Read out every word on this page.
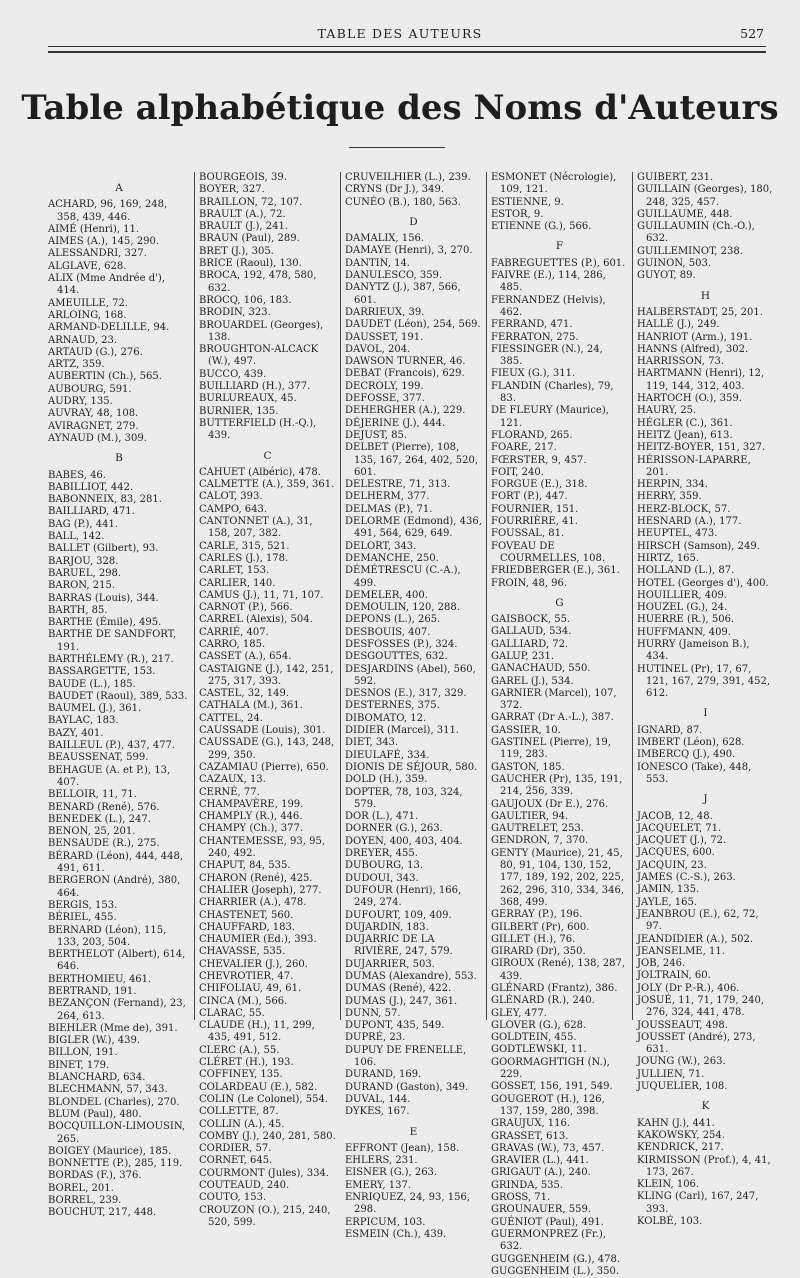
TABLE DES AUTEURS	527
Table alphabétique des Noms d'Auteurs
A
ACHARD, 96, 169, 248, 358, 439, 446.
AIMÉ (Henri), 11.
AIMES (A.), 145, 290.
ALESSANDRI, 327.
ALGLAVE, 628.
ALIX (Mme Andrée d'), 414.
AMEUILLE, 72.
ARLOING, 168.
ARMAND-DELILLE, 94.
ARNAUD, 23.
ARTAUD (G.), 276.
ARTZ, 359.
AUBERTIN (Ch.), 565.
AUBOURG, 591.
AUDRY, 135.
AUVRAY, 48, 108.
AVIRAGNET, 279.
AYNAUD (M.), 309.
B
BABES, 46.
BABILLIOT, 442.
BABONNEIX, 83, 281.
BAILLIARD, 471.
BAG (P.), 441.
BALL, 142.
BALLET (Gilbert), 93.
BARJOU, 328.
BARUEL, 298.
BARON, 215.
BARRAS (Louis), 344.
BARTH, 85.
BARTHE (Émile), 495.
BARTHE DE SANDFORT, 191.
BARTHÉLEMY (R.), 217.
BASSARGETTE, 153.
BAUDE (L.), 185.
BAUDET (Raoul), 389, 533.
BAUMEL (J.), 361.
BAYLAC, 183.
BAZY, 401.
BAILLEUL (P.), 437, 477.
BEAUSSENAT, 599.
BEHAGUE (A. et P.), 13, 407.
BELLOIR, 11, 71.
BENARD (René), 576.
BENEDEK (L.), 247.
BENON, 25, 201.
BENSAUDE (R.), 275.
BÉRARD (Léon), 444, 448, 491, 611.
BERGERON (André), 380, 464.
BERGIS, 153.
BÉRIEL, 455.
BERNARD (Léon), 115, 133, 203, 504.
BERTHELOT (Albert), 614, 646.
BERTHOMIEU, 461.
BERTRAND, 191.
BEZANÇON (Fernand), 23, 264, 613.
BIEHLER (Mme de), 391.
BIGLER (W.), 439.
BILLON, 191.
BINET, 179.
BLANCHARD, 634.
BLECHMANN, 57, 343.
BLONDEL (Charles), 270.
BLUM (Paul), 480.
BOCQUILLON-LIMOUSIN, 265.
BOIGEY (Maurice), 185.
BONNETTE (P.), 285, 119.
BORDAS (F.), 376.
BOREL, 201.
BORREL, 239.
BOUCHUT, 217, 448.
BOURGEOIS, 39.
BOYER, 327.
BRAILLON, 72, 107.
BRAULT (A.), 72.
BRAULT (J.), 241.
BRAUN (Paul), 289.
BRET (J.), 305.
BRICE (Raoul), 130.
BROCA, 192, 478, 580, 632.
BROCQ, 106, 183.
BRODIN, 323.
BROUARDEL (Georges), 138.
BROUGHTON-ALCACK (W.), 497.
BUCCO, 439.
BUILLIARD (H.), 377.
BURLUREAUX, 45.
BURNIER, 135.
BUTTERFIELD (H.-Q.), 439.
C
CAHUET (Albéric), 478.
CALMETTE (A.), 359, 361.
CALOT, 393.
CAMPO, 643.
CANTONNET (A.), 31, 158, 207, 382.
CARLE, 315, 521.
CARLES (J.), 178.
CARLET, 153.
CARLIER, 140.
CAMUS (J.), 11, 71, 107.
CARNOT (P.), 566.
CARREL (Alexis), 504.
CARRIÉ, 407.
CARRO, 185.
CASSET (A.), 654.
CASTAIGNE (J.), 142, 251, 275, 317, 393.
CASTEL, 32, 149.
CATHALA (M.), 361.
CATTEL, 24.
CAUSSADE (Louis), 301.
CAUSSADE (G.), 143, 248, 299, 350.
CAZAMIAU (Pierre), 650.
CAZAUX, 13.
CERNÉ, 77.
CHAMPAVÈRE, 199.
CHAMPLY (R.), 446.
CHAMPY (Ch.), 377.
CHANTEMESSE, 93, 95, 240, 492.
CHAPUT, 84, 535.
CHARON (René), 425.
CHALIER (Joseph), 277.
CHARRIER (A.), 478.
CHASTENET, 560.
CHAUFFARD, 183.
CHAUMIER (Ed.), 393.
CHAVASSE, 535.
CHEVALIER (J.), 260.
CHEVROTIER, 47.
CHIFOLIAU, 49, 61.
CINCA (M.), 566.
CLARAC, 55.
CLAUDE (H.), 11, 299, 435, 491, 512.
CLERC (A.), 55.
CLÉRET (H.), 193.
COFFINEY, 135.
COLARDEAU (E.), 582.
COLIN (Le Colonel), 554.
COLLETTE, 87.
COLLIN (A.), 45.
COMBY (J.), 240, 281, 580.
CORDIER, 57.
CORNET, 645.
COURMONT (Jules), 334.
COUTEAUD, 240.
COUTO, 153.
CROUZON (O.), 215, 240, 520, 599.
CRUVEILHIER (L.), 239.
CRYNS (Dr J.), 349.
CUNÉO (B.), 180, 563.
D
DAMALIX, 156.
DAMAYE (Henri), 3, 270.
DANTIN, 14.
DANULESCO, 359.
DANYTZ (J.), 387, 566, 601.
DARRIEUX, 39.
DAUDET (Léon), 254, 569.
DAUSSET, 191.
DAVOL, 204.
DAWSON TURNER, 46.
DEBAT (Francois), 629.
DECROLY, 199.
DEFOSSE, 377.
DEHERGHER (A.), 229.
DÉJERINE (J.), 444.
DEJUST, 85.
DELBET (Pierre), 108, 135, 167, 264, 402, 520, 601.
DELESTRE, 71, 313.
DELHERM, 377.
DELMAS (P.), 71.
DELORME (Edmond), 436, 491, 564, 629, 649.
DELORT, 343.
DEMANCHE, 250.
DÉMÉTRESCU (C.-A.), 499.
DEMELER, 400.
DEMOULIN, 120, 288.
DEPONS (L.), 265.
DESBOUIS, 407.
DESFOSSES (P.), 324.
DESGOUTTES, 632.
DESJARDINS (Abel), 560, 592.
DESNOS (E.), 317, 329.
DESTERNES, 375.
DIBOMATO, 12.
DIDIER (Marcel), 311.
DIET, 343.
DIEULAFÉ, 334.
DIONIS DE SÉJOUR, 580.
DOLD (H.), 359.
DOPTER, 78, 103, 324, 579.
DOR (L.), 471.
DORNER (G.), 263.
DOYEN, 400, 403, 404.
DREYER, 455.
DUBOURG, 13.
DUDOUI, 343.
DUFOUR (Henri), 166, 249, 274.
DUFOURT, 109, 409.
DUJARDIN, 183.
DUJARRIC DE LA RIVIÈRE, 247, 579.
DUJARRIER, 503.
DUMAS (Alexandre), 553.
DUMAS (René), 422.
DUMAS (J.), 247, 361.
DUNN, 57.
DUPONT, 435, 549.
DUPRÉ, 23.
DUPUY DE FRENELLE, 106.
DURAND, 169.
DURAND (Gaston), 349.
DUVAL, 144.
DYKES, 167.
E
EFFRONT (Jean), 158.
EHLERS, 231.
EISNER (G.), 263.
EMERY, 137.
ENRIQUEZ, 24, 93, 156, 298.
ERPICUM, 103.
ESMEIN (Ch.), 439.
ESMONET (Nécrologie), 109, 121.
ESTIENNE, 9.
ESTOR, 9.
ETIENNE (G.), 566.
F
FABREGUETTES (P.), 601.
FAIVRE (E.), 114, 286, 485.
FERNANDEZ (Helvis), 462.
FERRAND, 471.
FERRATON, 275.
FIESSINGER (N.), 24, 385.
FIEUX (G.), 311.
FLANDIN (Charles), 79, 83.
DE FLEURY (Maurice), 121.
FLORAND, 265.
FOARE, 217.
FŒRSTER, 9, 457.
FOIT, 240.
FORGUE (E.), 318.
FORT (P.), 447.
FOURNIER, 151.
FOURRIÈRE, 41.
FOUSSAL, 81.
FOVEAU DE COURMELLES, 108.
FRIEDBERGER (E.), 361.
FROIN, 48, 96.
G
GAISBOCK, 55.
GALLAUD, 534.
GALLIARD, 72.
GALUP, 231.
GANACHAUD, 550.
GAREL (J.), 534.
GARNIER (Marcel), 107, 372.
GARRAT (Dr A.-L.), 387.
GASSIER, 10.
GASTINEL (Pierre), 19, 119, 283.
GASTON, 185.
GAUCHER (Pr), 135, 191, 214, 256, 339.
GAUJOUX (Dr E.), 276.
GAULTIER, 94.
GAUTRELET, 253.
GENDRON, 7, 370.
GENTY (Maurice), 21, 45, 80, 91, 104, 130, 152, 177, 189, 192, 202, 225, 262, 296, 310, 334, 346, 368, 499.
GERRAY (P.), 196.
GILBERT (Pr), 600.
GILLET (H.), 76.
GIRARD (Dr), 350.
GIROUX (René), 138, 287, 439.
GLÉNARD (Frantz), 386.
GLÉNARD (R.), 240.
GLEY, 477.
GLOVER (G.), 628.
GOLDTEIN, 455.
GODTLEWSKI, 11.
GOORMAGHTIGH (N.), 229.
GOSSET, 156, 191, 549.
GOUGEROT (H.), 126, 137, 159, 280, 398.
GRAUJUX, 116.
GRASSET, 613.
GRAVAS (W.), 73, 457.
GRAVIER (L.), 441.
GRIGAUT (A.), 240.
GRINDA, 535.
GROSS, 71.
GROUNAUER, 559.
GUÉNIOT (Paul), 491.
GUERMONPREZ (Fr.), 632.
GUGGENHEIM (G.), 478.
GUGGENHEIM (L.), 350.
GUIBERT, 231.
GUILLAIN (Georges), 180, 248, 325, 457.
GUILLAUME, 448.
GUILLAUMIN (Ch.-O.), 632.
GUILLEMINOT, 238.
GUINON, 503.
GUYOT, 89.
H
HALBERSTADT, 25, 201.
HALLÉ (J.), 249.
HANRIOT (Arm.), 191.
HANNS (Alfred), 302.
HARRISSON, 73.
HARTMANN (Henri), 12, 119, 144, 312, 403.
HARTOCH (O.), 359.
HAURY, 25.
HÉGLER (C.), 361.
HEITZ (Jean), 613.
HEITZ-BOYER, 151, 327.
HÉRISSON-LAPARRE, 201.
HERPIN, 334.
HERRY, 359.
HERZ-BLOCK, 57.
HESNARD (A.), 177.
HEUPTEL, 473.
HIRSCH (Samson), 249.
HIRTZ, 165.
HOLLAND (L.), 87.
HOTEL (Georges d'), 400.
HOUILLIER, 409.
HOUZEL (G.), 24.
HUERRE (R.), 506.
HUFFMANN, 409.
HURRY (Jameison B.), 434.
HUTINEL (Pr), 17, 67, 121, 167, 279, 391, 452, 612.
I
IGNARD, 87.
IMBERT (Léon), 628.
IMBERCQ (J.), 490.
IONESCO (Take), 448, 553.
J
JACOB, 12, 48.
JACQUELET, 71.
JACQUET (J.), 72.
JACQUES, 600.
JACQUIN, 23.
JAMES (C.-S.), 263.
JAMIN, 135.
JAYLE, 165.
JEANBROU (E.), 62, 72, 97.
JEANDIDIER (A.), 502.
JEANSELME, 11.
JOB, 246.
JOLTRAIN, 60.
JOLY (Dr P.-R.), 406.
JOSUÉ, 11, 71, 179, 240, 276, 324, 441, 478.
JOUSSEAUT, 498.
JOUSSET (André), 273, 631.
JOUNG (W.), 263.
JULLIEN, 71.
JUQUELIER, 108.
K
KAHN (J.), 441.
KAKOWSKY, 254.
KENDRICK, 217.
KIRMISSON (Prof.), 4, 41, 173, 267.
KLEIN, 106.
KLING (Carl), 167, 247, 393.
KOLBÉ, 103.
